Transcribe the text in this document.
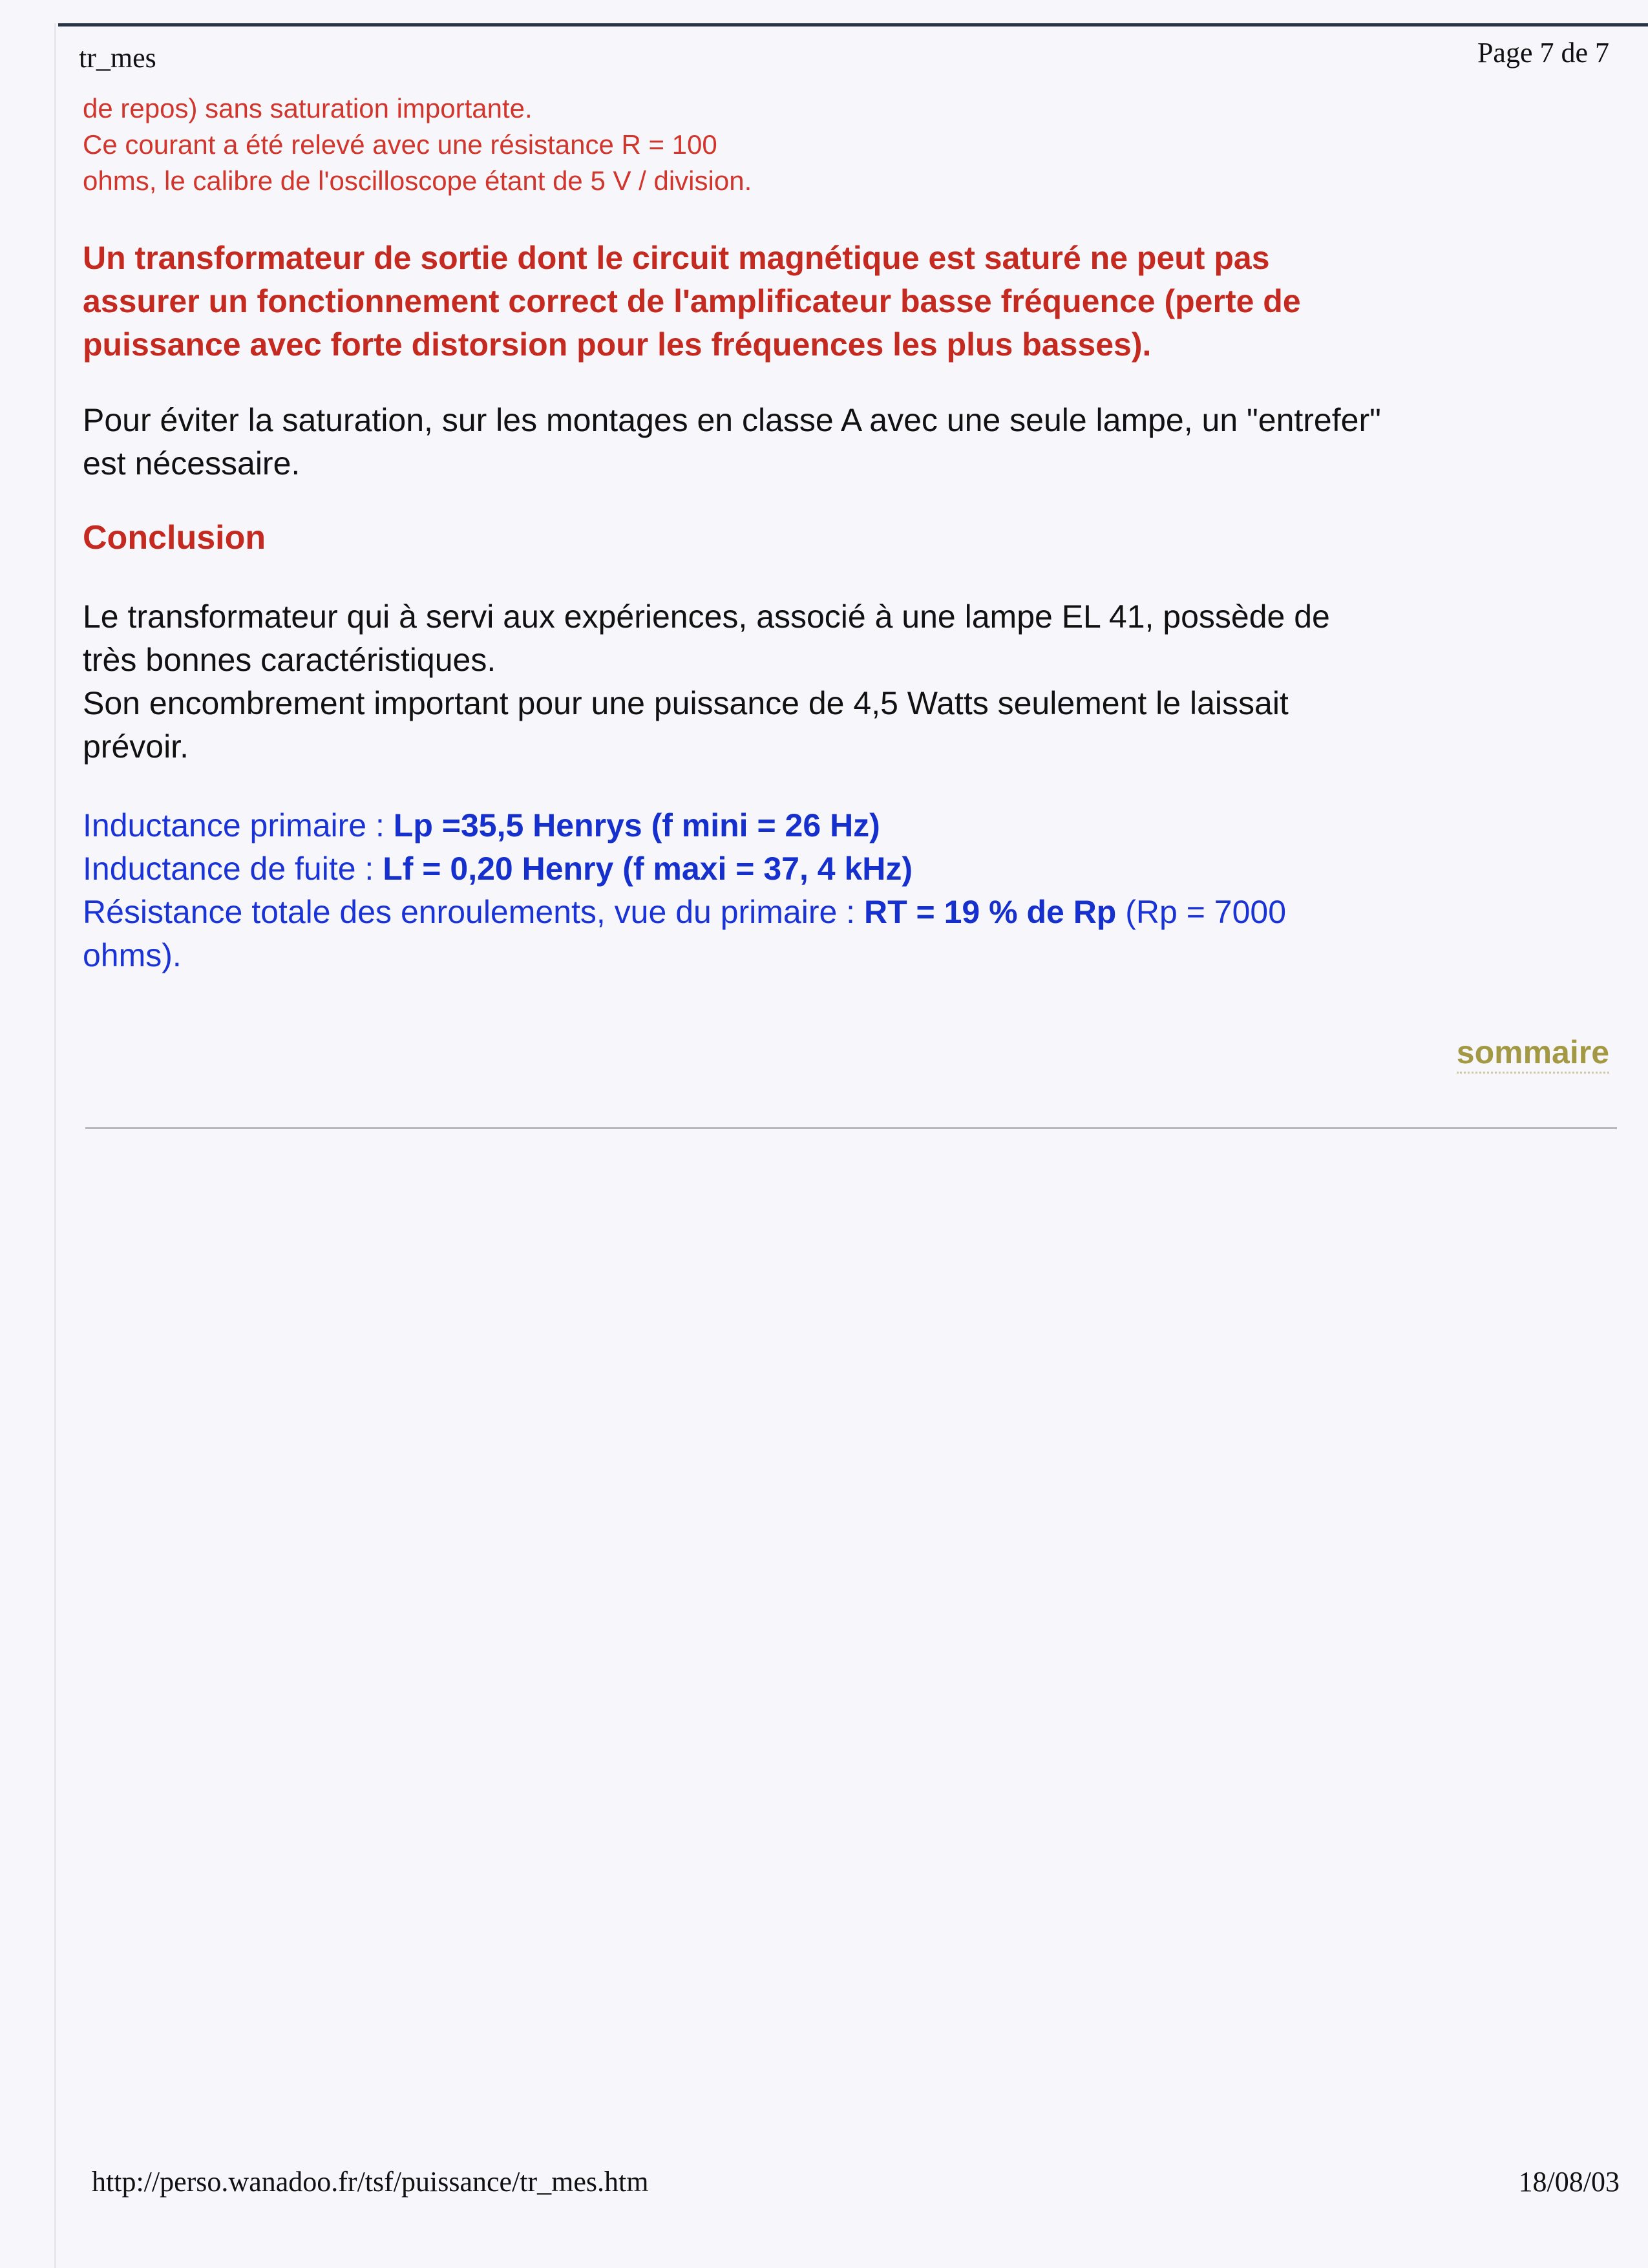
tr_mes	Page 7 de 7

de repos) sans saturation importante.

Ce courant a été relevé avec une résistance R = 100

ohms, le calibre de l'oscilloscope étant de 5 V / division.

Un transformateur de sortie dont le circuit magnétique est saturé ne peut pas
assurer un fonctionnement correct de l'amplificateur basse fréquence (perte de
puissance avec forte distorsion pour les fréquences les plus basses).

Pour éviter la saturation, sur les montages en classe A avec une seule lampe, un "entrefer"

est nécessaire.

Conclusion

Le transformateur qui à servi aux expériences, associé à une lampe EL 41, possède de

très bonnes caractéristiques.

Son encombrement important pour une puissance de 4,5 Watts seulement le laissait

prévoir.

Inductance primaire : Lp =35,5 Henrys (f mini = 26 Hz)

Inductance de fuite : Lf = 0,20 Henry (f maxi = 37, 4 kHz)

Résistance totale des enroulements, vue du primaire : RT = 19 % de Rp (Rp = 7000

ohms).

sommaire
http://perso.wanadoo.fr/tsf/puissance/tr_mes.htm	18/08/03
